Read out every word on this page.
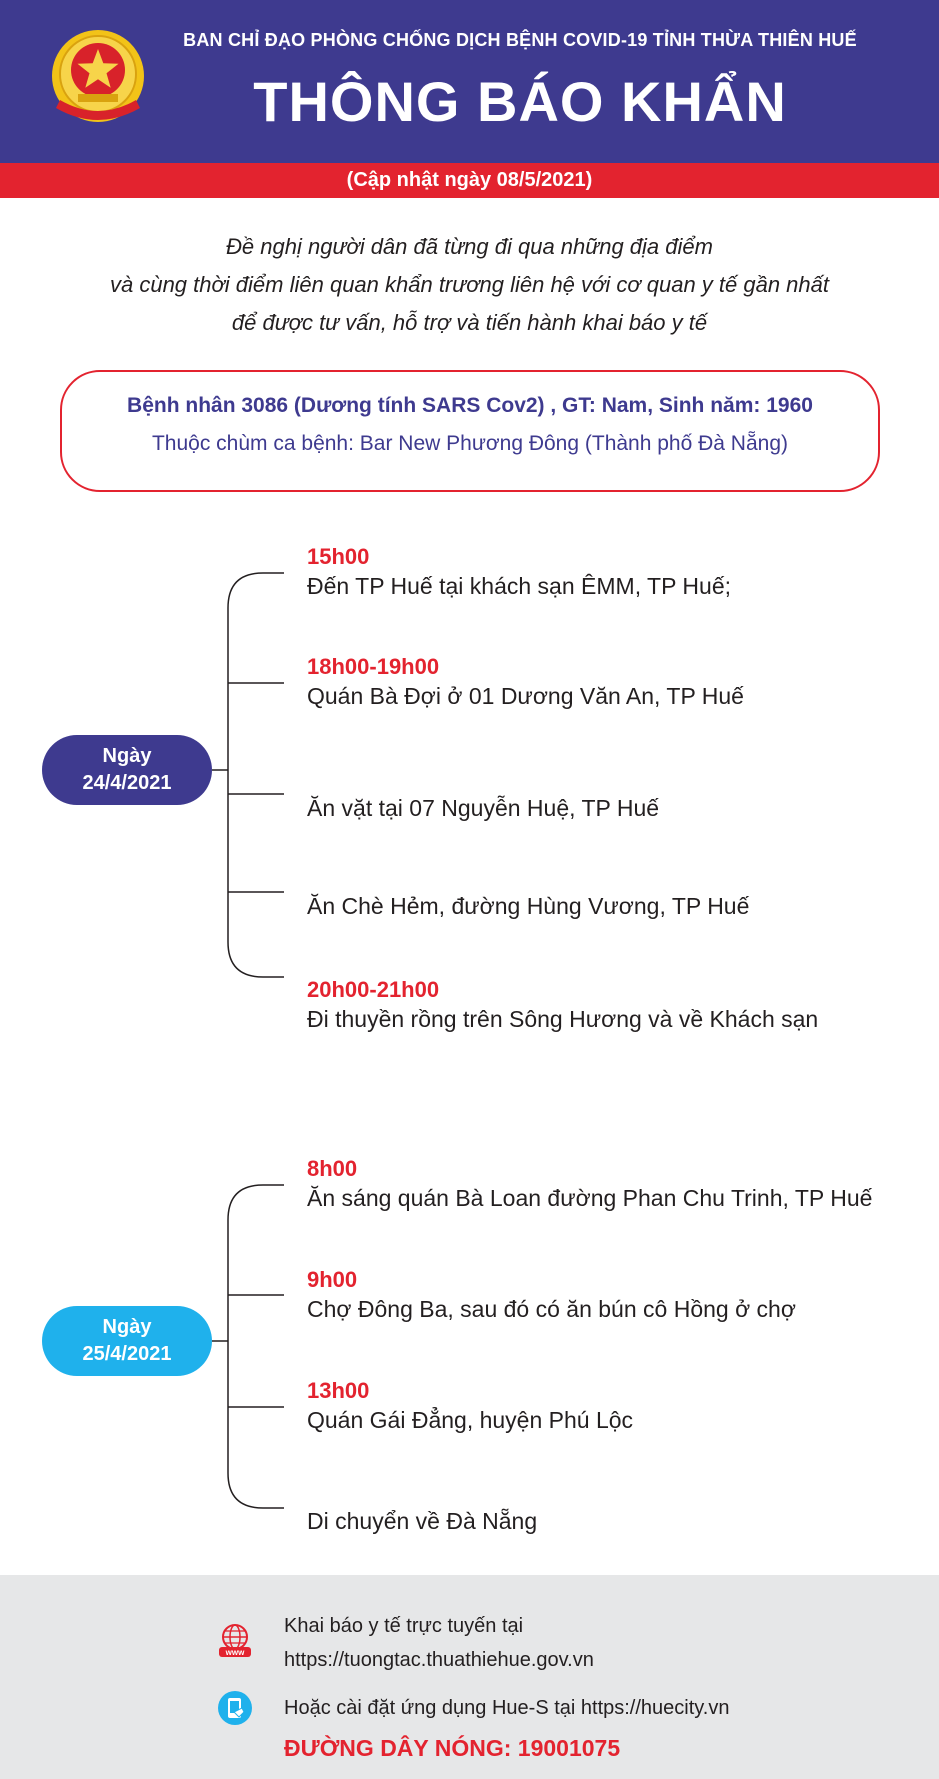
BAN CHỈ ĐẠO PHÒNG CHỐNG DỊCH BỆNH COVID-19 TỈNH THỪA THIÊN HUẾ
THÔNG BÁO KHẨN
(Cập nhật ngày 08/5/2021)
Đề nghị người dân đã từng đi qua những địa điểm
và cùng thời điểm liên quan khẩn trương liên hệ với cơ quan y tế gần nhất
để được tư vấn, hỗ trợ và tiến hành khai báo y tế
Bệnh nhân 3086 (Dương tính SARS Cov2) , GT: Nam, Sinh năm: 1960
Thuộc chùm ca bệnh: Bar New Phương Đông (Thành phố Đà Nẵng)
Ngày
24/4/2021
15h00
Đến TP Huế tại khách sạn ÊMM, TP Huế;
18h00-19h00
Quán Bà Đợi ở 01 Dương Văn An, TP Huế
Ăn vặt tại 07 Nguyễn Huệ, TP Huế
Ăn Chè Hẻm, đường Hùng Vương, TP Huế
20h00-21h00
Đi thuyền rồng trên Sông Hương và về Khách sạn
Ngày
25/4/2021
8h00
Ăn sáng quán Bà Loan đường Phan Chu Trinh, TP Huế
9h00
Chợ Đông Ba, sau đó có ăn bún cô Hồng ở chợ
13h00
Quán Gái Đẳng, huyện Phú Lộc
Di chuyển về Đà Nẵng
www
Khai báo y tế trực tuyến tại
https://tuongtac.thuathiehue.gov.vn
Hoặc cài đặt ứng dụng Hue-S tại https://huecity.vn
ĐƯỜNG DÂY NÓNG: 19001075
